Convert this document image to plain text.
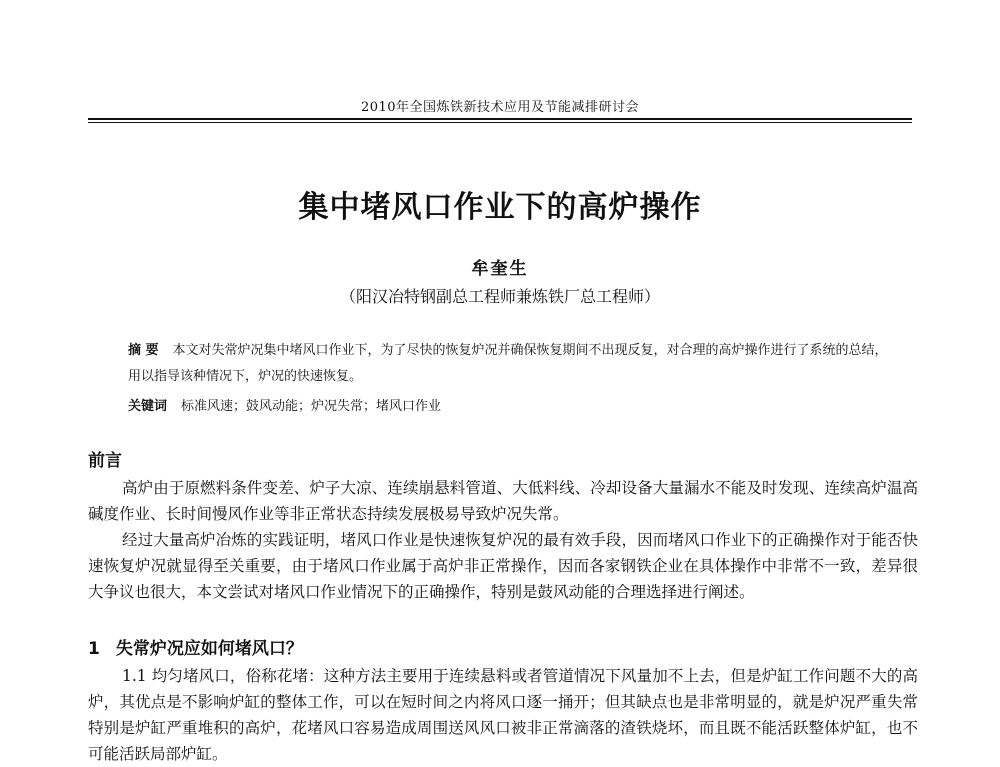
2010年全国炼铁新技术应用及节能减排研讨会
集中堵风口作业下的高炉操作
牟奎生
（阳汉冶特钢副总工程师兼炼铁厂总工程师）
摘 要 本文对失常炉况集中堵风口作业下，为了尽快的恢复炉况并确保恢复期间不出现反复，对合理的高炉操作进行了系统的总结，用以指导该种情况下，炉况的快速恢复。
关键词 标准风速；鼓风动能；炉况失常；堵风口作业
前言
高炉由于原燃料条件变差、炉子大凉、连续崩悬料管道、大低料线、冷却设备大量漏水不能及时发现、连续高炉温高碱度作业、长时间慢风作业等非正常状态持续发展极易导致炉况失常。
经过大量高炉冶炼的实践证明，堵风口作业是快速恢复炉况的最有效手段，因而堵风口作业下的正确操作对于能否快速恢复炉况就显得至关重要，由于堵风口作业属于高炉非正常操作，因而各家钢铁企业在具体操作中非常不一致，差异很大争议也很大，本文尝试对堵风口作业情况下的正确操作，特别是鼓风动能的合理选择进行阐述。
1 失常炉况应如何堵风口？
1.1 均匀堵风口，俗称花堵：这种方法主要用于连续悬料或者管道情况下风量加不上去，但是炉缸工作问题不大的高炉，其优点是不影响炉缸的整体工作，可以在短时间之内将风口逐一捅开；但其缺点也是非常明显的，就是炉况严重失常特别是炉缸严重堆积的高炉，花堵风口容易造成周围送风风口被非正常滴落的渣铁烧坏，而且既不能活跃整体炉缸，也不可能活跃局部炉缸。
